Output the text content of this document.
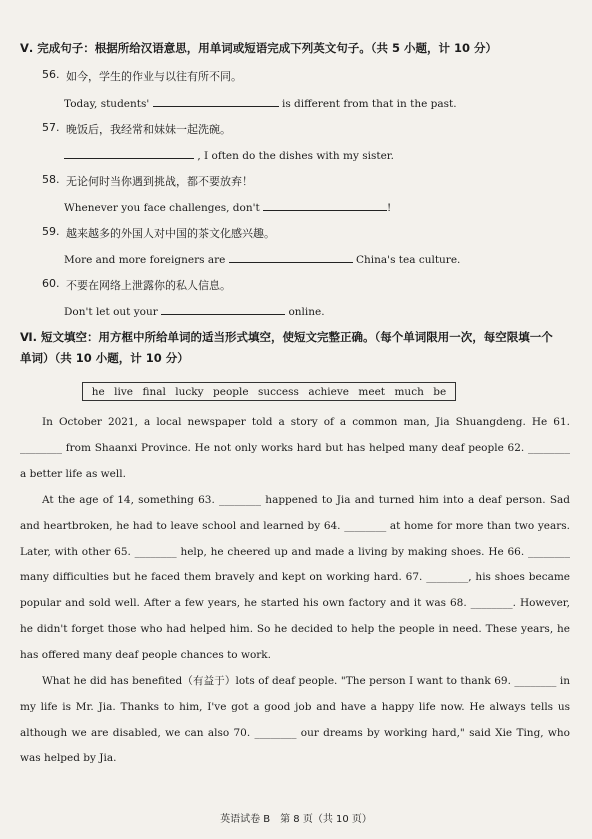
Ⅴ. 完成句子：根据所给汉语意思，用单词或短语完成下列英文句子。（共 5 小题，计 10 分）
56. 如今，学生的作业与以往有所不同。
Today, students'	is different from that in the past.
57. 晚饭后，我经常和妹妹一起洗碗。
, I often do the dishes with my sister.
58. 无论何时当你遇到挑战，都不要放弃！
Whenever you face challenges, don't	!
59. 越来越多的外国人对中国的茶文化感兴趣。
More and more foreigners are	China's tea culture.
60. 不要在网络上泄露你的私人信息。
Don't let out your	online.
Ⅵ. 短文填空：用方框中所给单词的适当形式填空，使短文完整正确。（每个单词限用一次，每空限填一个单词）（共 10 小题，计 10 分）
he live final lucky people success achieve meet much be
In October 2021, a local newspaper told a story of a common man, Jia Shuangdeng. He 61. ________ from Shaanxi Province. He not only works hard but has helped many deaf people 62. ________ a better life as well.
At the age of 14, something 63. ________ happened to Jia and turned him into a deaf person. Sad and heartbroken, he had to leave school and learned by 64. ________ at home for more than two years. Later, with other 65. ________ help, he cheered up and made a living by making shoes. He 66. ________ many difficulties but he faced them bravely and kept on working hard. 67. ________, his shoes became popular and sold well. After a few years, he started his own factory and it was 68. ________. However, he didn't forget those who had helped him. So he decided to help the people in need. These years, he has offered many deaf people chances to work.
What he did has benefited（有益于）lots of deaf people. "The person I want to thank 69. ________ in my life is Mr. Jia. Thanks to him, I've got a good job and have a happy life now. He always tells us although we are disabled, we can also 70. ________ our dreams by working hard," said Xie Ting, who was helped by Jia.
英语试卷 B　第 8 页（共 10 页）
